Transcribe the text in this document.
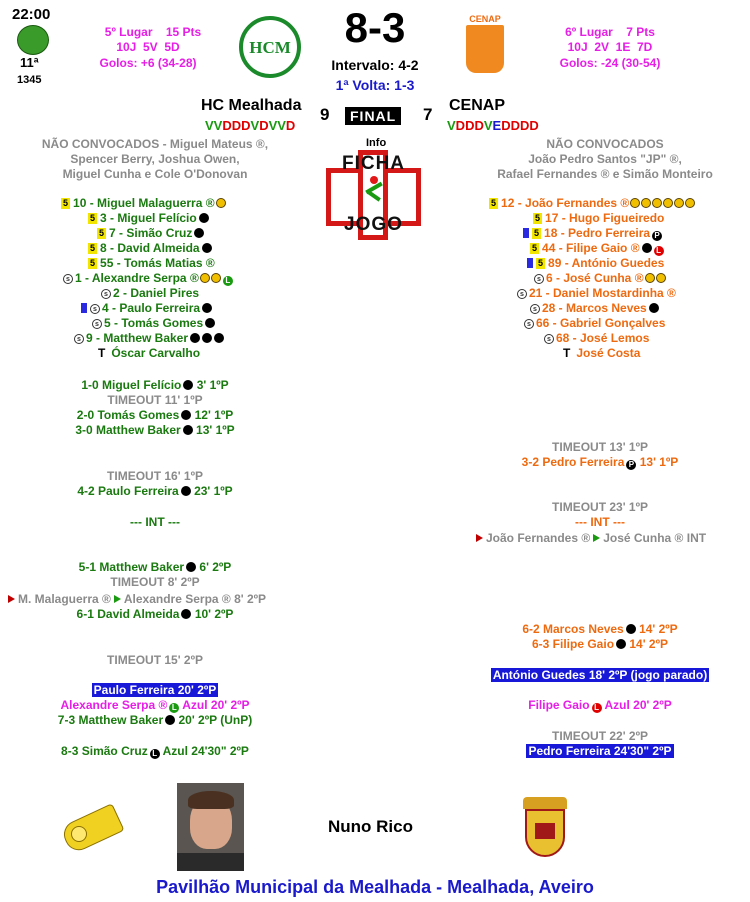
22:00
11ª
1345
5º Lugar 15 Pts
10J  5V  5D
Golos: +6 (34-28)
HCM	8-3
Intervalo: 4-2
1ª Volta: 1-3
CENAP
6º Lugar 7 Pts
10J  2V  1E  7D
Golos: -24 (30-54)
HC Mealhada 9	FINAL 7 CENAP
VVDDDVDVVD	VDDDVEDDDD
NÃO CONVOCADOS - Miguel Mateus ®,
Spencer Berry, Joshua Owen,
Miguel Cunha e Cole O'Donovan
NÃO CONVOCADOS
João Pedro Santos "JP" ®,
Rafael Fernandes ® e Simão Monteiro
Info
FICHA
JOGO
5 10 - Miguel Malaguerra ®
5 3 - Miguel Felício
5 7 - Simão Cruz
5 8 - David Almeida
5 55 - Tomás Matias ®
s 1 - Alexandre Serpa ®	L
s 2 - Daniel Pires
s 4 - Paulo Ferreira
s 5 - Tomás Gomes
s 9 - Matthew Baker
T Óscar Carvalho
5 12 - João Fernandes ®
5 17 - Hugo Figueiredo
5 18 - Pedro Ferreira P
5 44 - Filipe Gaio ® L
5 89 - António Guedes
s 6 - José Cunha ®
s 21 - Daniel Mostardinha ®
s 28 - Marcos Neves
s 66 - Gabriel Gonçalves
s 68 - José Lemos
T José Costa
1-0 Miguel Felício 3' 1ºP
TIMEOUT 11' 1ºP
2-0 Tomás Gomes 12' 1ºP
3-0 Matthew Baker 13' 1ºP
TIMEOUT 16' 1ºP
4-2 Paulo Ferreira 23' 1ºP
--- INT ---
5-1 Matthew Baker 6' 2ºP
TIMEOUT 8' 2ºP
M. Malaguerra ® Alexandre Serpa ® 8' 2ºP
6-1 David Almeida 10' 2ºP
TIMEOUT 15' 2ºP
Paulo Ferreira 20' 2ºP
Alexandre Serpa ® L Azul 20' 2ºP
7-3 Matthew Baker 20' 2ºP (UnP)
8-3 Simão Cruz L Azul 24'30" 2ºP
TIMEOUT 13' 1ºP
3-2 Pedro Ferreira P 13' 1ºP
TIMEOUT 23' 1ºP
--- INT ---
João Fernandes ® José Cunha ® INT
6-2 Marcos Neves 14' 2ºP
6-3 Filipe Gaio 14' 2ºP
António Guedes 18' 2ºP (jogo parado)
Filipe Gaio L Azul 20' 2ºP
TIMEOUT 22' 2ºP
Pedro Ferreira 24'30" 2ºP
Nuno Rico
Pavilhão Municipal da Mealhada - Mealhada, Aveiro
